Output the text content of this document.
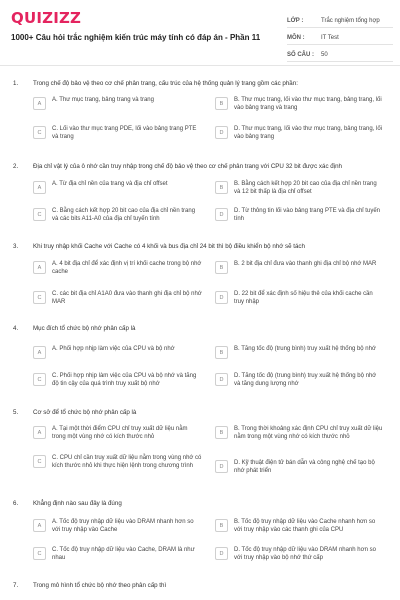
QUIZIZZ
1000+ Câu hỏi trắc nghiệm kiến trúc máy tính có đáp án - Phần 11
LỚP :	Trắc nghiệm tổng hợp
MÔN :	IT Test
SỐ CÂU :	50
1. Trong chế độ bảo vệ theo cơ chế phân trang, cấu trúc của hệ thống quản lý trang gồm các phần:
A
A. Thư mục trang, bảng trang và trang
B
B. Thư mục trang, lối vào thư mục trang, bảng trang, lối vào bảng trang và trang
C
C. Lối vào thư mục trang PDE, lối vào bảng trang PTE và trang
D
D. Thư mục trang, lối vào thư mục trang, bảng trang, lối vào bảng trang
2. Địa chỉ vật lý của ô nhớ cần truy nhập trong chế độ bảo vệ theo cơ chế phân trang với CPU 32 bit được xác định
A
A. Từ địa chỉ nền của trang và địa chỉ offset
B
B. Bằng cách kết hợp 20 bit cao của địa chỉ nền trang và 12 bit thấp là địa chỉ offset
C
C. Bằng cách kết hợp 20 bit cao của địa chỉ nền trang và các bits A11-A0 của địa chỉ tuyến tính
D
D. Từ thông tin lối vào bảng trang PTE và địa chỉ tuyến tính
3. Khi truy nhập khối Cache với Cache có 4 khối và bus địa chỉ 24 bit thì bộ điều khiển bộ nhớ sẽ tách
A
A. 4 bit địa chỉ để xác định vị trí khối cache trong bộ nhớ cache
B
B. 2 bit địa chỉ đưa vào thanh ghi địa chỉ bộ nhớ MAR
C
C. các bit địa chỉ A1A0 đưa vào thanh ghi địa chỉ bộ nhớ MAR
D
D. 22 bit để xác định số hiệu thẻ của khối cache cần truy nhập
4. Mục đích tổ chức bộ nhớ phân cấp là
A
A. Phối hợp nhịp làm việc của CPU và bộ nhớ
B
B. Tăng tốc độ (trung bình) truy xuất hệ thống bộ nhớ
C
C. Phối hợp nhịp làm việc của CPU và bộ nhớ và tăng độ tin cậy của quá trình truy xuất bộ nhớ
D
D. Tăng tốc độ (trung bình) truy xuất hệ thống bộ nhớ và tăng dung lượng nhớ
5. Cơ sở để tổ chức bộ nhớ phân cấp là
A
A. Tại một thời điểm CPU chỉ truy xuất dữ liệu nằm trong một vùng nhớ có kích thước nhỏ
B
B. Trong thời khoảng xác định CPU chỉ truy xuất dữ liệu nằm trong một vùng nhớ có kích thước nhỏ
C
C. CPU chỉ cần truy xuất dữ liệu nằm trong vùng nhớ có kích thước nhỏ khi thực hiện lệnh trong chương trình	D
D. Kỹ thuật điện tử bán dẫn và công nghệ chế tạo bộ nhớ phát triển
6. Khẳng định nào sau đây là đúng
A
A. Tốc độ truy nhập dữ liệu vào DRAM nhanh hơn so với truy nhập vào Cache
B
B. Tốc độ truy nhập dữ liệu vào Cache nhanh hơn so với truy nhập vào các thanh ghi của CPU
C
C. Tốc độ truy nhập dữ liệu vào Cache, DRAM là như nhau
D
D. Tốc độ truy nhập dữ liệu vào DRAM nhanh hơn so với truy nhập vào bộ nhớ thứ cấp
7. Trong mô hình tổ chức bộ nhớ theo phân cấp thì
